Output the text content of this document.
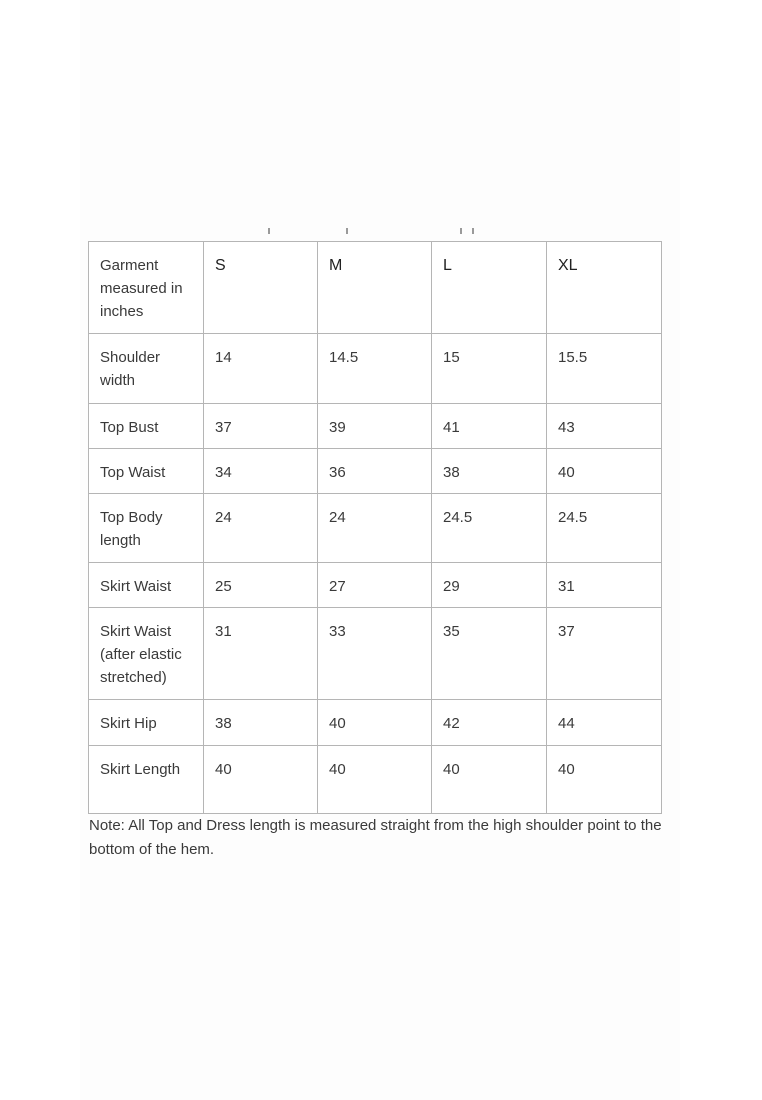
Garment measured in inches	S	M	L	XL
Shoulder width	14	14.5	15	15.5
Top Bust	37	39	41	43
Top Waist	34	36	38	40
Top Body length	24	24	24.5	24.5
Skirt Waist	25	27	29	31
Skirt Waist (after elastic stretched)	31	33	35	37
Skirt Hip	38	40	42	44
Skirt Length	40	40	40	40
Note: All Top and Dress length is measured straight from the high shoulder point to the bottom of the hem.
